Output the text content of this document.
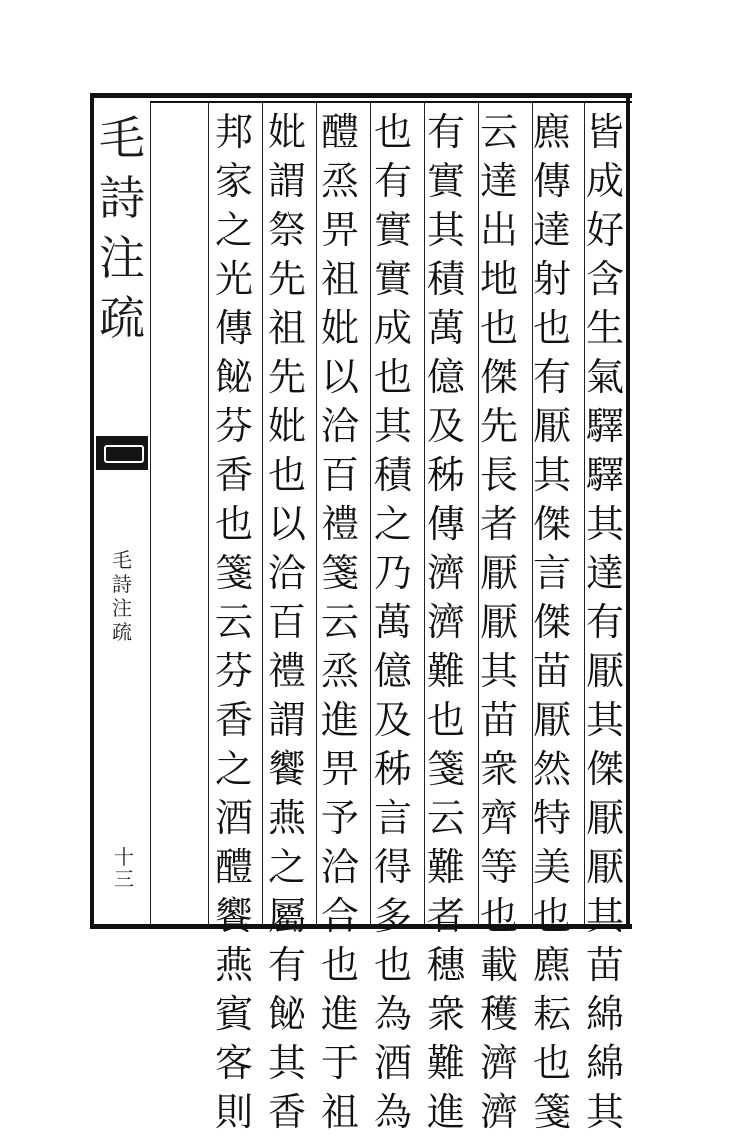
毛
詩
注
疏
毛
詩
注
疏
十
三
皆
成
好
含
生
氣
驛
驛
其
達
有
厭
其
傑
厭
厭
其
苗
綿
綿
其
麃
傳
達
射
也
有
厭
其
傑
言
傑
苗
厭
然
特
美
也
麃
耘
也
箋
云
達
出
地
也
傑
先
長
者
厭
厭
其
苗
衆
齊
等
也
載
穫
濟
濟
有
實
其
積
萬
億
及
秭
傳
濟
濟
難
也
箋
云
難
者
穗
衆
難
進
也
有
實
實
成
也
其
積
之
乃
萬
億
及
秭
言
得
多
也
為
酒
為
醴
烝
畀
祖
妣
以
洽
百
禮
箋
云
烝
進
畀
予
洽
合
也
進
于
祖
妣
謂
祭
先
祖
先
妣
也
以
洽
百
禮
謂
饗
燕
之
屬
有
飶
其
香
邦
家
之
光
傳
飶
芬
香
也
箋
云
芬
香
之
酒
醴
饗
燕
賓
客
則
